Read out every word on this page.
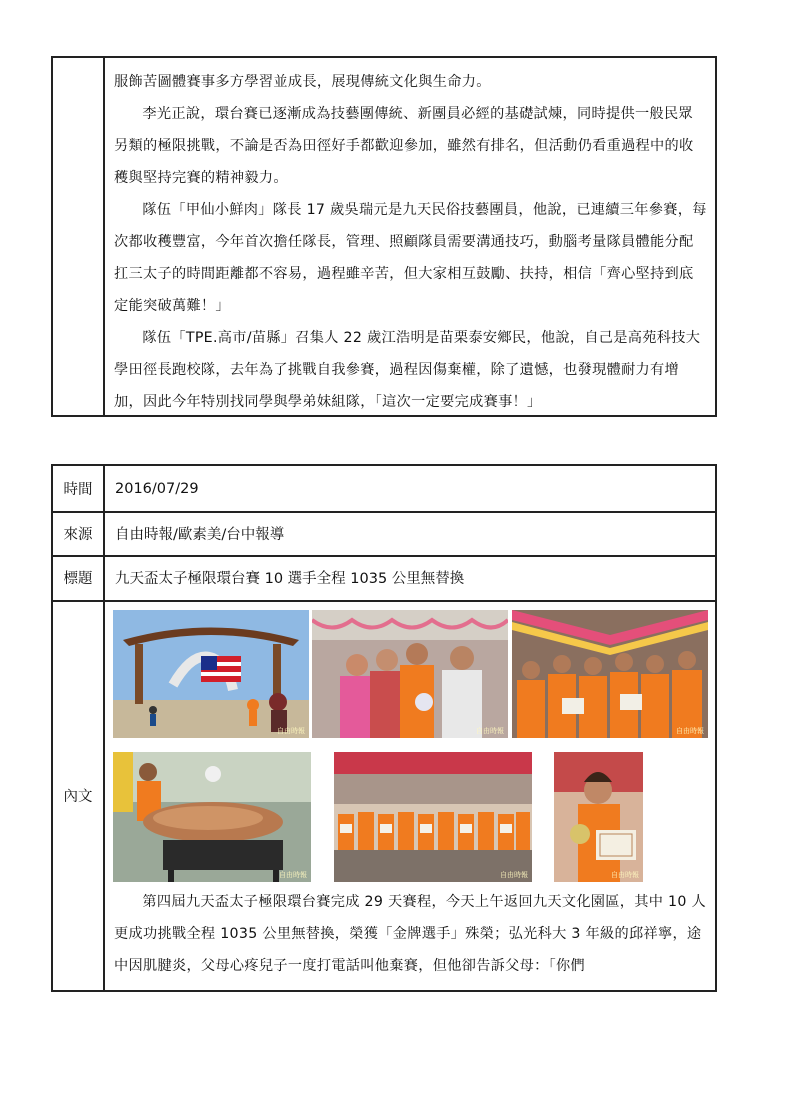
服飾苦圖體賽事多方學習並成長，展現傳統文化與生命力。

李光正說，環台賽已逐漸成為技藝團傳統、新團員必經的基礎試煉，同時提供一般民眾另類的極限挑戰，不論是否為田徑好手都歡迎參加，雖然有排名，但活動仍看重過程中的收穫與堅持完賽的精神毅力。

隊伍「甲仙小鮮肉」隊長 17 歲吳瑞元是九天民俗技藝團員，他說，已連續三年參賽，每次都收穫豐富，今年首次擔任隊長，管理、照顧隊員需要溝通技巧，動腦考量隊員體能分配扛三太子的時間距離都不容易，過程雖辛苦，但大家相互鼓勵、扶持，相信「齊心堅持到底定能突破萬難！」

隊伍「TPE.高市/苗縣」召集人 22 歲江浩明是苗栗泰安鄉民，他說，自己是高苑科技大學田徑長跑校隊，去年為了挑戰自我參賽，過程因傷棄權，除了遺憾，也發現體耐力有增加，因此今年特別找同學與學弟妹組隊，「這次一定要完成賽事！」

時間	2016/07/29
來源	自由時報/歐素美/台中報導
標題	九天盃太子極限環台賽 10 選手全程 1035 公里無替換
內文
自由時報	自由時報	自由時報
自由時報	自由時報	自由時報

第四屆九天盃太子極限環台賽完成 29 天賽程，今天上午返回九天文化園區，其中 10 人更成功挑戰全程 1035 公里無替換，榮獲「金牌選手」殊榮；弘光科大 3 年級的邱祥寧，途中因肌腱炎，父母心疼兒子一度打電話叫他棄賽，但他卻告訴父母：「你們
